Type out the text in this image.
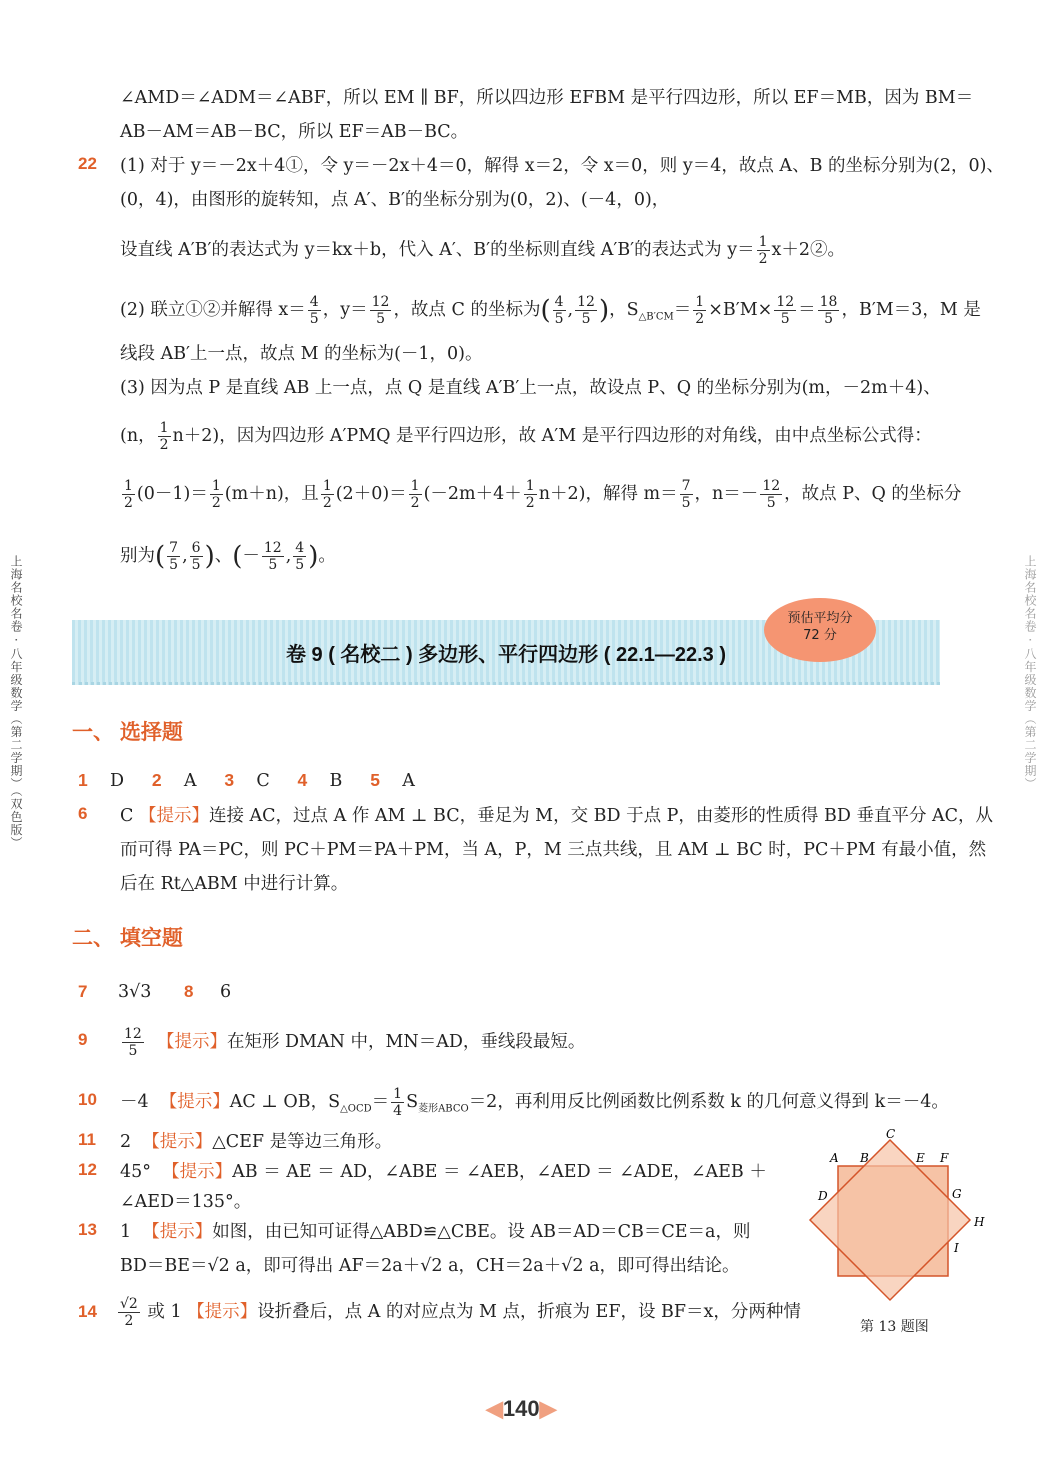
上海名校名卷 · 八年级数学（第二学期）（双色版）	上海名校名卷 · 八年级数学（第二学期）
∠AMD＝∠ADM＝∠ABF，所以 EM ∥ BF，所以四边形 EFBM 是平行四边形，所以 EF＝MB，因为 BM＝
AB－AM＝AB－BC，所以 EF＝AB－BC。
22	(1) 对于 y＝－2x＋4①，令 y＝－2x＋4＝0，解得 x＝2，令 x＝0，则 y＝4，故点 A、B 的坐标分别为(2，0)、
(0，4)，由图形的旋转知，点 A′、B′的坐标分别为(0，2)、(－4，0)，
设直线 A′B′的表达式为 y＝kx＋b，代入 A′、B′的坐标则直线 A′B′的表达式为 $y= \frac{1}{2}$ x＋2②。
(2) 联立①②并解得 $x= \frac{4}{5}$ ，$y= \frac{12}{5}$ ，故点 C 的坐标为( $\frac{4}{5}$ , $\frac{12}{5}$ )，$S_{\triangle B'CM}= \frac{1}{2} \times B'M\times \frac{12}{5} = \frac{18}{5}$ ，B′M＝3，M 是
线段 AB′上一点，故点 M 的坐标为(－1，0)。
(3) 因为点 P 是直线 AB 上一点，点 Q 是直线 A′B′上一点，故设点 P、Q 的坐标分别为(m，－2m＋4)、
(n， $\frac{1}{2} n+2$)，因为四边形 A′PMQ 是平行四边形，故 A′M 是平行四边形的对角线，由中点坐标公式得：
$\frac{1}{2} (0-1)= \frac{1}{2} (m+n)$，且 $\frac{1}{2} (2+0)= \frac{1}{2} (-2m+4+ \frac{1}{2} n+2)$，解得 $m= \frac{7}{5}$ ，$n=- \frac{12}{5}$ ，故点 P、Q 的坐标分
别为( $\frac{7}{5}$ , $\frac{6}{5}$ )、(－ $\frac{12}{5}$ , $\frac{4}{5}$ )。
卷 9 ( 名校二 ) 多边形、平行四边形 ( 22.1—22.3 )
预估平均分
72 分
一、 选择题
1 D 2 A 3 C 4 B 5 A
6	C 【提示】连接 AC，过点 A 作 AM ⊥ BC，垂足为 M，交 BD 于点 P，由菱形的性质得 BD 垂直平分 AC，从
而可得 PA＝PC，则 PC＋PM＝PA＋PM，当 A，P，M 三点共线，且 AM ⊥ BC 时，PC＋PM 有最小值，然
后在 Rt△ABM 中进行计算。
二、 填空题
7	3√3 8 6
9	$\frac{12}{5}$ 【提示】在矩形 DMAN 中，MN＝AD，垂线段最短。
10	－4 【提示】AC ⊥ OB，$S_{\triangle OCD}= \frac{1}{4} S_{菱形ABCO}=2$，再利用反比例函数比例系数 k 的几何意义得到 k＝－4。
11	2 【提示】△CEF 是等边三角形。
12	45° 【提示】AB ＝ AE ＝ AD，∠ABE ＝ ∠AEB，∠AED ＝ ∠ADE，∠AEB ＋
∠AED＝135°。
13	1 【提示】如图，由已知可证得△ABD≌△CBE。设 AB＝AD＝CB＝CE＝a，则
BD＝BE＝√2 a，即可得出 AF＝2a＋√2 a，CH＝2a＋√2 a，即可得出结论。
14	$\frac{√2}{2}$ 或 1 【提示】设折叠后，点 A 的对应点为 M 点，折痕为 EF，设 BF＝x，分两种情
A B
C
E F
D	G
H
I
第 13 题图
◀140▶
